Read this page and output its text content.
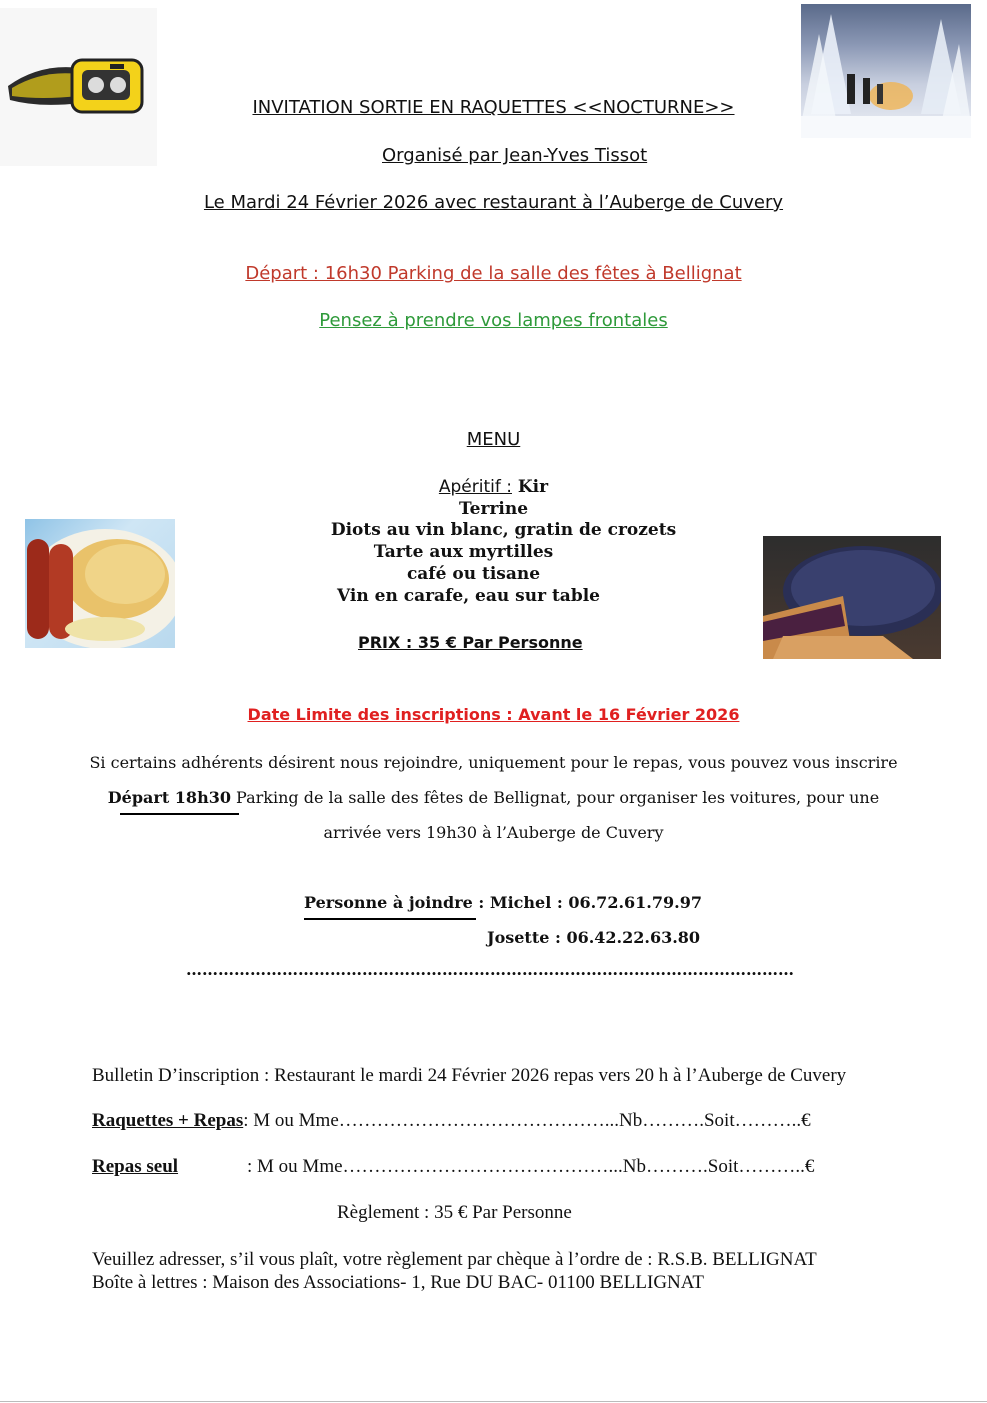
INVITATION SORTIE EN RAQUETTES <<NOCTURNE>>
Organisé par Jean-Yves Tissot
Le Mardi 24 Février 2026 avec restaurant à l’Auberge de Cuvery
Départ : 16h30 Parking de la salle des fêtes à Bellignat
Pensez à prendre vos lampes frontales
MENU
Apéritif : Kir
Terrine
Diots au vin blanc, gratin de crozets
Tarte aux myrtilles
café ou tisane
Vin en carafe, eau sur table
PRIX : 35 € Par Personne
Date Limite des inscriptions : Avant le 16 Février 2026
Si certains adhérents désirent nous rejoindre, uniquement pour le repas, vous pouvez vous inscrire
Départ 18h30 Parking de la salle des fêtes de Bellignat, pour organiser les voitures, pour une
arrivée vers 19h30 à l’Auberge de Cuvery
Personne à joindre : Michel : 06.72.61.79.97
Josette : 06.42.22.63.80
……………………………………………………………………………………………………
Bulletin D’inscription : Restaurant le mardi 24 Février 2026 repas vers 20 h à l’Auberge de Cuvery
Raquettes + Repas: M ou Mme……………………………………...Nb……….Soit………..€
Repas seul	: M ou Mme……………………………………...Nb……….Soit………..€
Règlement : 35 € Par Personne
Veuillez adresser, s’il vous plaît, votre règlement par chèque à l’ordre de : R.S.B. BELLIGNAT
Boîte à lettres : Maison des Associations- 1, Rue DU BAC- 01100 BELLIGNAT
